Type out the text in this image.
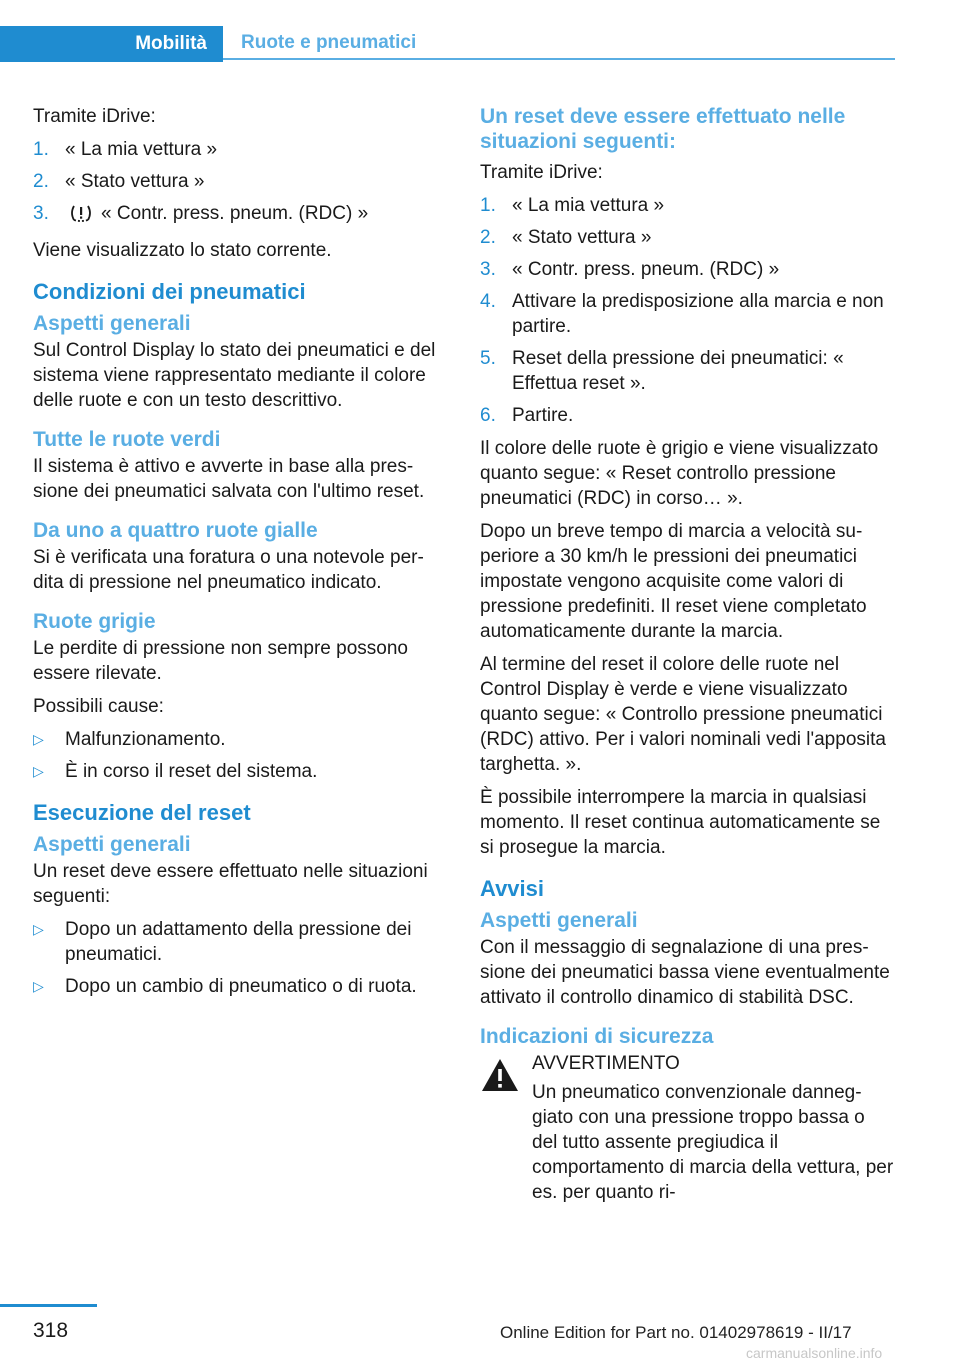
Mobilità	Ruote e pneumatici

Tramite iDrive:

1. « La mia vettura »
2. « Stato vettura »
3.	« Contr. press. pneum. (RDC) »

Viene visualizzato lo stato corrente.

Condizioni dei pneumatici
Aspetti generali

Sul Control Display lo stato dei pneumatici e del sistema viene rappresentato mediante il colore delle ruote e con un testo descrittivo.

Tutte le ruote verdi

Il sistema è attivo e avverte in base alla pressione dei pneumatici salvata con l'ultimo reset.

Da uno a quattro ruote gialle

Si è verificata una foratura o una notevole perdita di pressione nel pneumatico indicato.

Ruote grigie

Le perdite di pressione non sempre possono essere rilevate.

Possibili cause:

▷ Malfunzionamento.
▷ È in corso il reset del sistema.
Esecuzione del reset
Aspetti generali

Un reset deve essere effettuato nelle situazioni seguenti:

▷ Dopo un adattamento della pressione dei pneumatici.
▷ Dopo un cambio di pneumatico o di ruota.
Un reset deve essere effettuato nelle situazioni seguenti:

Tramite iDrive:

1. « La mia vettura »
2. « Stato vettura »
3. « Contr. press. pneum. (RDC) »
4. Attivare la predisposizione alla marcia e non partire.
5. Reset della pressione dei pneumatici: « Effettua reset ».
6. Partire.

Il colore delle ruote è grigio e viene visualizzato quanto segue: « Reset controllo pressione pneumatici (RDC) in corso… ».

Dopo un breve tempo di marcia a velocità superiore a 30 km/h le pressioni dei pneumatici impostate vengono acquisite come valori di pressione predefiniti. Il reset viene completato automaticamente durante la marcia.

Al termine del reset il colore delle ruote nel Control Display è verde e viene visualizzato quanto segue: « Controllo pressione pneumatici (RDC) attivo. Per i valori nominali vedi l'apposita targhetta. ».

È possibile interrompere la marcia in qualsiasi momento. Il reset continua automaticamente se si prosegue la marcia.

Avvisi
Aspetti generali

Con il messaggio di segnalazione di una pressione dei pneumatici bassa viene eventualmente attivato il controllo dinamico di stabilità DSC.

Indicazioni di sicurezza

AVVERTIMENTO

Un pneumatico convenzionale danneggiato con una pressione troppo bassa o del tutto assente pregiudica il comportamento di marcia della vettura, per es. per quanto ri-

318	Online Edition for Part no. 01402978619 - II/17
carmanualsonline.info
